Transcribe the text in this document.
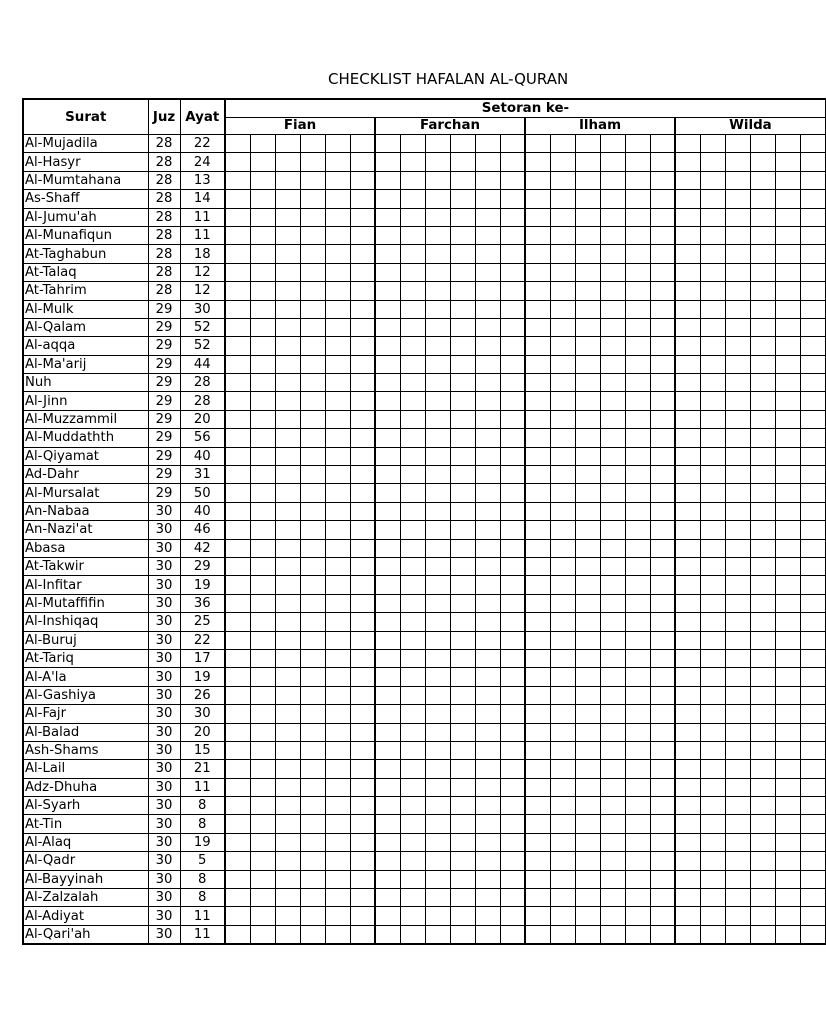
CHECKLIST HAFALAN AL-QURAN
Surat	Juz	Ayat	Setoran ke-																							
			Fian						Farchan						Ilham						Wilda					
Al-Mujadila	28	22																								
Al-Hasyr	28	24																								
Al-Mumtahana	28	13																								
As-Shaff	28	14																								
Al-Jumu'ah	28	11																								
Al-Munafiqun	28	11																								
At-Taghabun	28	18																								
At-Talaq	28	12																								
At-Tahrim	28	12																								
Al-Mulk	29	30																								
Al-Qalam	29	52																								
Al-aqqa	29	52																								
Al-Ma'arij	29	44																								
Nuh	29	28																								
Al-Jinn	29	28																								
Al-Muzzammil	29	20																								
Al-Muddathth	29	56																								
Al-Qiyamat	29	40																								
Ad-Dahr	29	31																								
Al-Mursalat	29	50																								
An-Nabaa	30	40																								
An-Nazi'at	30	46																								
Abasa	30	42																								
At-Takwir	30	29																								
Al-Infitar	30	19																								
Al-Mutaffifin	30	36																								
Al-Inshiqaq	30	25																								
Al-Buruj	30	22																								
At-Tariq	30	17																								
Al-A'la	30	19																								
Al-Gashiya	30	26																								
Al-Fajr	30	30																								
Al-Balad	30	20																								
Ash-Shams	30	15																								
Al-Lail	30	21																								
Adz-Dhuha	30	11																								
Al-Syarh	30	8																								
At-Tin	30	8																								
Al-Alaq	30	19																								
Al-Qadr	30	5																								
Al-Bayyinah	30	8																								
Al-Zalzalah	30	8																								
Al-Adiyat	30	11																								
Al-Qari'ah	30	11																								
